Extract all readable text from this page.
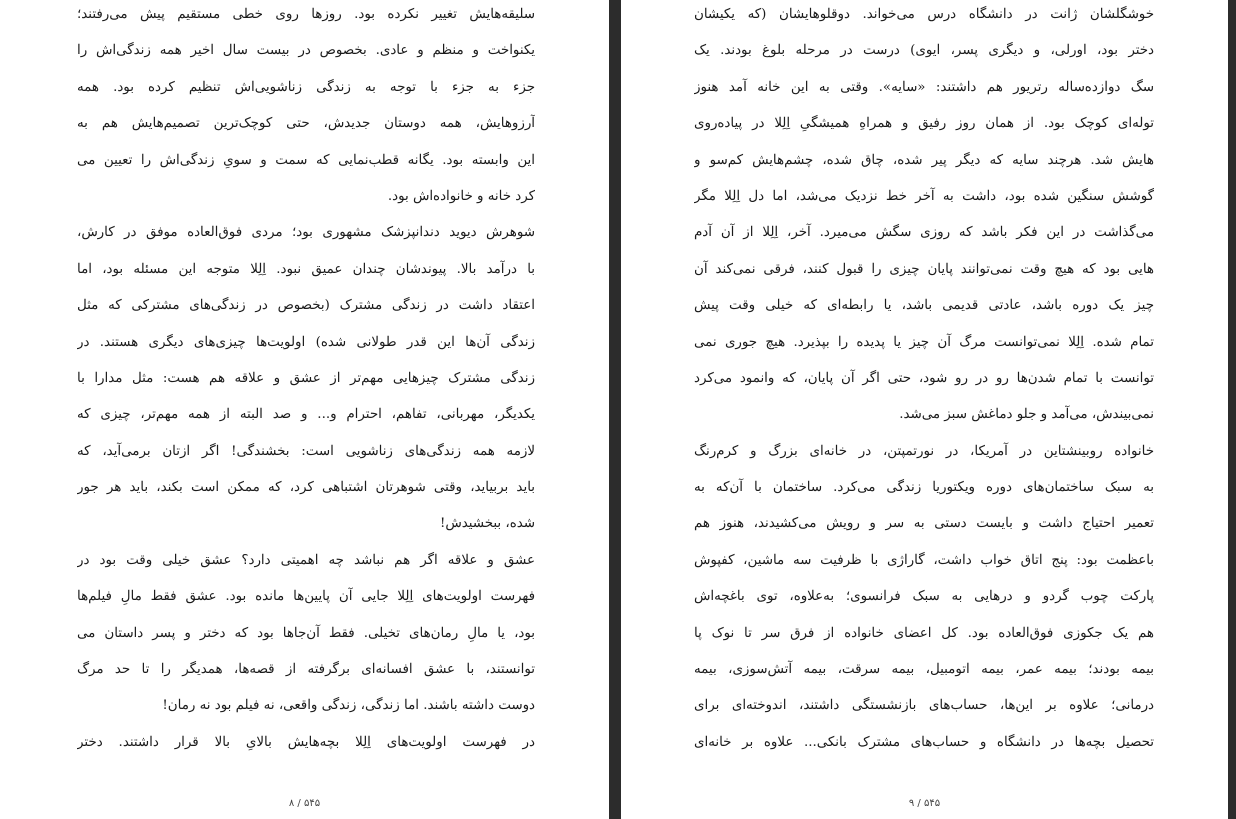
سلیقه‌هایش تغییر نکرده بود. روزها روی خطی مستقیم پیش می‌رفتند؛
یکنواخت و منظم و عادی. بخصوص در بیست سال اخیر همه زندگی‌اش را
جزء به جزء با توجه به زندگی زناشویی‌اش تنظیم کرده بود. همه
آرزوهایش، همه دوستان جدیدش، حتی کوچک‌ترین تصمیم‌هایش هم به
این وابسته بود. یگانه قطب‌نمایی که سمت و سویِ زندگی‌اش را تعیین می
کرد خانه و خانواده‌اش بود.
شوهرش دیوید دندانپزشک مشهوری بود؛ مردی فوق‌العاده موفق در کارش،
با درآمد بالا. پیوندشان چندان عمیق نبود. اِلِلا متوجه این مسئله بود، اما
اعتقاد داشت در زندگی مشترک (بخصوص در زندگی‌های مشترکی که مثل
زندگی آن‌ها این قدر طولانی شده) اولویت‌ها چیزی‌های دیگری هستند. در
زندگی مشترک چیزهایی مهم‌تر از عشق و علاقه هم هست: مثل مدارا با
یکدیگر، مهربانی، تفاهم، احترام و... و صد البته از همه مهم‌تر، چیزی که
لازمه همه زندگی‌های زناشویی است: بخشندگی! اگر ازتان برمی‌آید، که
باید بربیاید، وقتی شوهرتان اشتباهی کرد، که ممکن است بکند، باید هر جور
شده، ببخشیدش!
عشق و علاقه اگر هم نباشد چه اهمیتی دارد؟ عشق خیلی وقت بود در
فهرست اولویت‌های اِلِلا جایی آن پایین‌ها مانده بود. عشق فقط مالِ فیلم‌ها
بود، یا مالِ رمان‌های تخیلی. فقط آن‌جاها بود که دختر و پسر داستان می
توانستند، با عشق افسانه‌ای برگرفته از قصه‌ها، همدیگر را تا حد مرگ
دوست داشته باشند. اما زندگی، زندگی واقعی، نه فیلم بود نه رمان!
در فهرست اولویت‌های اِلِلا بچه‌هایش بالایِ بالا قرار داشتند. دختر
۵۴۵ / ۸
خوشگلشان ژانت در دانشگاه درس می‌خواند. دوقلوهایشان (که یکیشان
دختر بود، اورلی، و دیگری پسر، ایوی) درست در مرحله بلوغ بودند. یک
سگ دوازده‌ساله رتریور هم داشتند: «سایه». وقتی به این خانه آمد هنوز
توله‌ای کوچک بود. از همان روز رفیق و همراهِ همیشگیِ اِلِلا در پیاده‌روی
هایش شد. هرچند سایه که دیگر پیر شده، چاق شده، چشم‌هایش کم‌سو و
گوشش سنگین شده بود، داشت به آخر خط نزدیک می‌شد، اما دل اِلِلا مگر
می‌گذاشت در این فکر باشد که روزی سگش می‌میرد. آخر، اِلِلا از آن آدم
هایی بود که هیچ وقت نمی‌توانند پایان چیزی را قبول کنند، فرقی نمی‌کند آن
چیز یک دوره باشد، عادتی قدیمی باشد، یا رابطه‌ای که خیلی وقت پیش
تمام شده. اِلِلا نمی‌توانست مرگ آن چیز یا پدیده را بپذیرد. هیچ جوری نمی
توانست با تمام شدن‌ها رو در رو شود، حتی اگر آن پایان، که وانمود می‌کرد
نمی‌بیندش، می‌آمد و جلو دماغش سبز می‌شد.
خانواده روبینشتاین در آمریکا، در نورتمپتن، در خانه‌ای بزرگ و کرم‌رنگ
به سبک ساختمان‌های دوره ویکتوریا زندگی می‌کرد. ساختمان با آن‌که به
تعمیر احتیاج داشت و بایست دستی به سر و رویش می‌کشیدند، هنوز هم
باعظمت بود: پنج اتاق خواب داشت، گاراژی با ظرفیت سه ماشین، کفپوش
پارکت چوب گردو و درهایی به سبک فرانسوی؛ به‌علاوه، توی باغچه‌اش
هم یک جکوزی فوق‌العاده بود. کل اعضای خانواده از فرق سر تا نوک پا
بیمه بودند؛ بیمه عمر، بیمه اتومبیل، بیمه سرقت، بیمه آتش‌سوزی، بیمه
درمانی؛ علاوه بر این‌ها، حساب‌های بازنشستگی داشتند، اندوخته‌ای برای
تحصیل بچه‌ها در دانشگاه و حساب‌های مشترک بانکی... علاوه بر خانه‌ای
۵۴۵ / ۹
